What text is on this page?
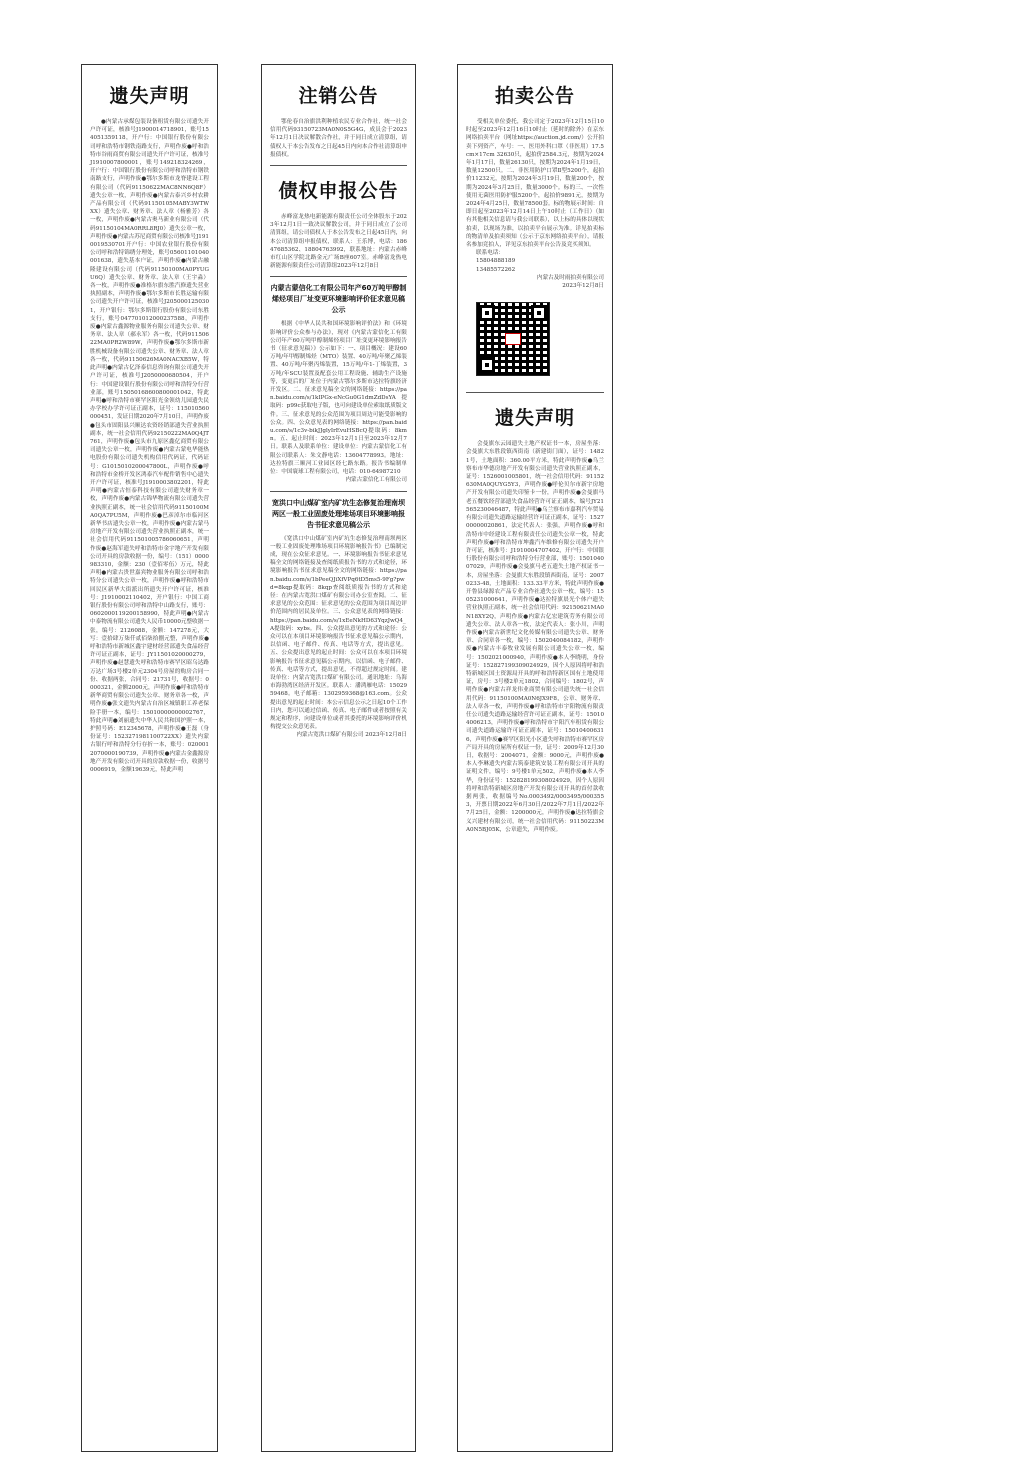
遗失声明
●内蒙古承煤包装设备租赁有限公司遗失开户许可证，核准号J1900014718901，账号154051359118，开户行：中国银行股份有限公司呼和浩特市钢铁南路支行，声明作废●呼和浩特市谷雨商贸有限公司遗失开户许可证，核准号J1910007800001，账号149218324269，开户行：中国银行股份有限公司呼和浩特市钢铁南路支行，声明作废●鄂尔多斯市龙脊建设工程有限公司（代码91150622MAC8NN6Q8F）遗失公章一枚，声明作废●内蒙古泰兴乡村农耕产品有限公司（代码91150105MABY3WTWXX）遗失公章、财务章、法人章（杨雅芳）各一枚，声明作废●内蒙古奥马新业有限公司（代码91150104MA0RRL8RJ0）遗失公章一枚，声明作废●内蒙古苏尼商贸有限公司核准号J1910019530701开户行：中国农业银行股份有限公司呼和浩特锦绣分理处，账号05601101040001638，遗失基本户证，声明作废●内蒙古融隆建设有限公司（代码91150100MA0PYUGU6Q）遗失公章、财务章、法人章（王宇淼）各一枚，声明作废●准格尔旗东胜汽修遗失营业执照副本，声明作废●鄂尔多斯市长胜运输有限公司遗失开户许可证，核准号J2050001250301，开户银行：鄂尔多斯银行股份有限公司东胜支行，账号047701012000237588，声明作废●内蒙古鑫源物业服务有限公司遗失公章、财务章、法人章（郝永军）各一枚，代码91150622MA0PR2W89W，声明作废●鄂尔多斯市新胜机械设备有限公司遗失公章、财务章、法人章各一枚，代码91150626MA0NACXB5W，特此声明●内蒙古亿泽泰信息咨询有限公司遗失开户许可证，核准号J2050000680504，开户行：中国建设银行股份有限公司呼和浩特分行营业部，账号15050168600800001042，特此声明●呼和浩特市赛罕区阳光金领幼儿园遗失民办学校办学许可证正副本，证号：115010560000451，发证日期2020年7月10日，声明作废●包头市固阳县兴顺达农资经销部遗失营业执照副本，统一社会信用代码92150222MA0Q4JT761，声明作废●包头市九原区鑫亿商贸有限公司遗失公章一枚，声明作废●内蒙古蒙电华能热电股份有限公司遗失机构信用代码证，代码证号：G1015010200047800L，声明作废●呼和浩特市金桥开发区鸿泰汽车配件销售中心遗失开户许可证，核准号J1910003802201，特此声明●内蒙古恒泰科技有限公司遗失财务章一枚，声明作废●内蒙古锦华物流有限公司遗失营业执照正副本，统一社会信用代码91150100MA0QA7PU5M，声明作废●巴彦淖尔市临河区新华书店遗失公章一枚，声明作废●内蒙古蒙马房地产开发有限公司遗失营业执照正副本，统一社会信用代码911501005786060651，声明作废●赵海军遗失呼和浩特市金宇地产开发有限公司开具的房款收据一份，编号：（151）0000983310，金额：230（壹佰零伍）万元，特此声明●内蒙古贵世嘉宾物业服务有限公司呼和浩特分公司遗失公章一枚，声明作废●呼和浩特市回民区新华大街派出所遗失开户许可证，核准号：J1910002110402，开户银行：中国工商银行股份有限公司呼和浩特中山路支行，账号：0602000119200158990，特此声明●内蒙古中泰物流有限公司遗失人民币10000元整收据一张，编号：2126088，金额：147278元，大写：壹拾肆万柒仟贰佰柒拾捌元整，声明作废●呼和浩特市新城区鑫宇建材经营部遗失食品经营许可证正副本，证号：JY11501020000279，声明作废●赵慧遗失呼和浩特市赛罕区昭乌达路万达广场3号楼2单元2304号房屋的购房合同一份、收据两张，合同号：21731号，收据号：0000321，金额2000元，声明作废●呼和浩特市新华商贸有限公司遗失公章、财务章各一枚，声明作废●张文遗失内蒙古自治区城镇职工养老保险手册一本，编号：15010000000002767，特此声明●刘丽遗失中华人民共和国护照一本，护照号码：E12345678，声明作废●王磊（身份证号：1523271981100722XX）遗失内蒙古银行呼和浩特分行存折一本，账号：0200012070000190739，声明作废●内蒙古金鑫源房地产开发有限公司开具的房款收据一份，收据号0006919，金额19639元，特此声明
注销公告
鄂伦春自治旗洪利种植农民专业合作社，统一社会信用代码93150723MA0N0S5G4G，成员会于2023年12月1日决议解散合作社，并于同日成立清算组，请债权人于本公告发布之日起45日内向本合作社清算组申报债权。
债权申报公告
赤峰富龙热电新能源有限责任公司全体股东于2023年12月1日一致决议解散公司，并于同日成立了公司清算组，请公司债权人于本公告发布之日起45日内，向本公司清算组申报债权，联系人：王乐博，电话：18647685362、18804763992，联系地址：内蒙古赤峰市红山区学院北路金元广场B座607室。赤峰富龙热电新能源有限责任公司清算组2023年12月8日
内蒙古蒙信化工有限公司年产60万吨甲醇制烯烃项目厂址变更环境影响评价征求意见稿公示
根据《中华人民共和国环境影响评价法》和《环境影响评价公众参与办法》，现对《内蒙古蒙信化工有限公司年产60万吨甲醇制烯烃项目厂址变更环境影响报告书（征求意见稿）》公示如下：一、项目概况：建设60万吨/年甲醇制烯烃（MTO）装置、40万吨/年聚乙烯装置、40万吨/年聚丙烯装置，15万吨/年1-丁烯装置，3万吨/年SCU装置及配套公用工程设施、辅助生产设施等，变更后的厂址位于内蒙古鄂尔多斯市达拉特旗经济开发区。二、征求意见稿全文的网络链接：https://pan.baidu.com/s/1kIPGx-eNcGu0G1dmZdDsYA提取码：p99c获取电子版，也可向建设单位索取纸质版文件。三、征求意见的公众范围为项目周边可能受影响的公众。四、公众意见表的网络链接：https://pan.baidu.com/s/1c3v-bikJJglyIrEvuHSBcQ提取码：8kmn。五、起止时间：2023年12月1日至2023年12月7日。联系人及联系单位：建设单位：内蒙古蒙信化工有限公司联系人：朱文静电话：13604778993。地址：达拉特旗三顺河工业园区经七路东路。报告书编制单位：中国寰球工程有限公司，电话：010-64987210
内蒙古蒙信化工有限公司
宽洪口中山煤矿室内矿坑生态修复治理南坝两区一般工业固废处理堆场项目环境影响报告书征求意见稿公示
《宽洪口中山煤矿室内矿坑生态修复治理南坝两区一般工业固废处理堆场项目环境影响报告书》已编制完成，现在公众征求意见。一、环境影响报告书征求意见稿全文的网络链接及查阅纸质报告书的方式和途径，环境影响报告书征求意见稿全文的网络链接：https://pan.baidu.com/s/1bPeeQJiXfVPq6tD5ms5-9Fg?pwd=8kqp提取码：8kqp查阅纸质报告书的方式和途径：在内蒙古宽洪口煤矿有限公司办公室查阅。二、征求意见的公众范围：征求意见的公众范围为项目周边评价范围内的居民及单位。三、公众意见表的网络链接：https://pan.baidu.com/s/1xEeNkHD63YqzJwQ4_A提取码：xybs。四、公众提出意见的方式和途径：公众可以在本项目环境影响报告书征求意见稿公示期内，以信函、电子邮件、传真、电话等方式，提出意见。五、公众提出意见的起止时间：公众可以在本项目环境影响报告书征求意见稿公示期内，以信函、电子邮件、传真、电话等方式，提出意见，不得超过规定时间。建设单位：内蒙古宽洪口煤矿有限公司。通讯地址：乌海市海勃湾区经济开发区。联系人：潘鸿雁电话：1502959468。电子邮箱：1302959368@163.com。公众提出意见的起止时间：本公示信息公示之日起10个工作日内，您可以通过信函、传真、电子邮件或者按照有关规定和程序，向建设单位或者其委托的环境影响评价机构提交公众意见表。
内蒙古宽洪口煤矿有限公司 2023年12月8日
拍卖公告
受相关单位委托，我公司定于2023年12月15日10时起至2023年12月16日10时止（延时的除外）在京东网络拍卖平台（网址https://auction.jd.com/）公开拍卖下列资产，车号：一、医用外科口罩（非医用）17.5cm×17cm 32630只，起拍价2584.3元，按期为2024年1月17日，数量26130只，按期为2024年1月19日，数量12500只。二、非医用防护口罩Ⅱ型5200个，起拍价11232元，按期为2024年3月19日，数量200个，按期为2024年3月25日，数量3000个。标的三、一次性使用无菌医用防护服5200个，起拍价9891元，按期为2024年4月25日，数量78500套。标的物展示时间：自即日起至2023年12月14日上午10时止（工作日）（如有其他相关信息请与我公司联系），以上标的具体以现状拍卖，以现场为准，以拍卖平台展示为准。详见拍卖标的物清单及拍卖须知（公示于京东网络拍卖平台），请报名参加竞拍人，详见京东拍卖平台公告及竞买须知。
联系电话：
15804888189
13485572262
内蒙古及时雨拍卖有限公司
2023年12月8日
遗失声明
会曼旗东云园遗失土地产权证书一本，房屋坐落：会曼旗大东胜段镇西街南（新建街门面），证号：14821号，土地面积：360.00平方米，特此声明作废●乌兰察布市华德房地产开发有限公司遗失营业执照正副本，证号：1526001005801，统一社会信用代码：91152630MA0QUYG5Y3，声明作废●呼伦贝尔市新宇房地产开发有限公司遗失印鉴卡一份，声明作废●会曼旗马老五餐饮经营部遗失食品经营许可证正副本，编号JY21565230046487，特此声明●乌兰察布市嘉利汽车贸易有限公司遗失道路运输经营许可证正副本，证号：152700000020861，法定代表人：张强，声明作废●呼和浩特市中经建设工程有限责任公司遗失公章一枚，特此声明作废●呼和浩特市坤鑫汽车维修有限公司遗失开户许可证，核准号：J1910004707402，开户行：中国银行股份有限公司呼和浩特分行营业部，账号：150104007029，声明作废●会曼旗马老五遗失土地产权证书一本，房屋坐落：会曼旗大东胜段镇西街南，证号：20070233-48，土地面积：133.33平方米，特此声明作废●开鲁县绿源农产品专业合作社遗失公章一枚，编号：1505231000641，声明作废●达拉特旗晨光个体户遗失营业执照正副本，统一社会信用代码：92150621MA0N18XY2Q，声明作废●内蒙古亿宏建筑劳务有限公司遗失公章、法人章各一枚，法定代表人：张小川，声明作废●内蒙古新世纪文化传媒有限公司遗失公章、财务章、合同章各一枚，编号：1502040084182，声明作废●内蒙古丰泰牧业发展有限公司遗失公章一枚，编号：1502021000940，声明作废●本人李晓明，身份证号：152827199309024929，因个人原因将呼和浩特新城区国土资源局开具的呼和浩特新区国有土地使用证，房号：3号楼2单元1802，合同编号：1802号，声明作废●内蒙古祥龙伟业商贸有限公司遗失统一社会信用代码：91150100MA0N6JX9F8，公章、财务章、法人章各一枚，声明作废●呼和浩特市宇阳物流有限责任公司遗失道路运输经营许可证正副本，证号：150104006213，声明作废●呼和浩特市宇阳汽车租赁有限公司遗失道路运输许可证正副本，证号：150104006316，声明作废●赛罕区阳光小区遗失呼和浩特市赛罕区房产局开具的房屋所有权证一份，证号：2009年12月30日，收据号：2004071，金额：9000元，声明作废●本人李琳遗失内蒙古筑泰建筑安装工程有限公司开具的证明文件，编号：9号楼1单元502，声明作废●本人李华，身份证号：152828199308024929，因个人原因将呼和浩特新城区房地产开发有限公司开具的首付款收据两张，收据编号No.0003492/0003495/0003553，开票日期2022年6月30日/2022年7月1日/2022年7月25日，金额：1200000元，声明作废●达拉特旗会义兴建材有限公司，统一社会信用代码：91150223MA0N5BJ05K，公章遗失，声明作废。
